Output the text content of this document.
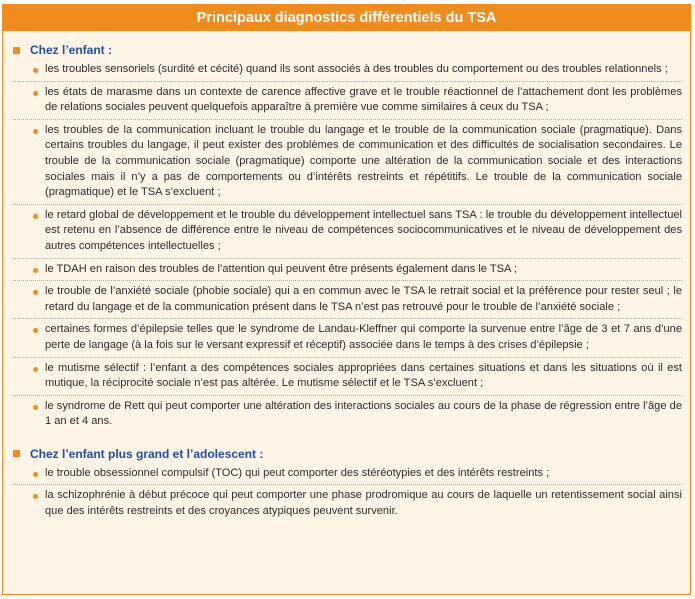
Principaux diagnostics différentiels du TSA
Chez l’enfant :
les troubles sensoriels (surdité et cécité) quand ils sont associés à des troubles du comportement ou des troubles relationnels ;
les états de marasme dans un contexte de carence affective grave et le trouble réactionnel de l’attachement dont les problèmes de relations sociales peuvent quelquefois apparaître à première vue comme similaires à ceux du TSA ;
les troubles de la communication incluant le trouble du langage et le trouble de la communication sociale (pragmatique). Dans certains troubles du langage, il peut exister des problèmes de communication et des difficultés de socialisation secondaires. Le trouble de la communication sociale (pragmatique) comporte une altération de la communication sociale et des interactions sociales mais il n’y a pas de comportements ou d’intérêts restreints et répétitifs. Le trouble de la communication sociale (pragmatique) et le TSA s’excluent ;
le retard global de développement et le trouble du développement intellectuel sans TSA : le trouble du développement intellectuel est retenu en l’absence de différence entre le niveau de compétences sociocommunicatives et le niveau de développement des autres compétences intellectuelles ;
le TDAH en raison des troubles de l’attention qui peuvent être présents également dans le TSA ;
le trouble de l’anxiété sociale (phobie sociale) qui a en commun avec le TSA le retrait social et la préférence pour rester seul ; le retard du langage et de la communication présent dans le TSA n’est pas retrouvé pour le trouble de l’anxiété sociale ;
certaines formes d’épilepsie telles que le syndrome de Landau-Kleffner qui comporte la survenue entre l’âge de 3 et 7 ans d’une perte de langage (à la fois sur le versant expressif et réceptif) associée dans le temps à des crises d’épilepsie ;
le mutisme sélectif : l’enfant a des compétences sociales appropriées dans certaines situations et dans les situations où il est mutique, la réciprocité sociale n’est pas altérée. Le mutisme sélectif et le TSA s’excluent ;
le syndrome de Rett qui peut comporter une altération des interactions sociales au cours de la phase de régression entre l’âge de 1 an et 4 ans.
Chez l’enfant plus grand et l’adolescent :
le trouble obsessionnel compulsif (TOC) qui peut comporter des stéréotypies et des intérêts restreints ;
la schizophrénie à début précoce qui peut comporter une phase prodromique au cours de laquelle un retentissement social ainsi que des intérêts restreints et des croyances atypiques peuvent survenir.
